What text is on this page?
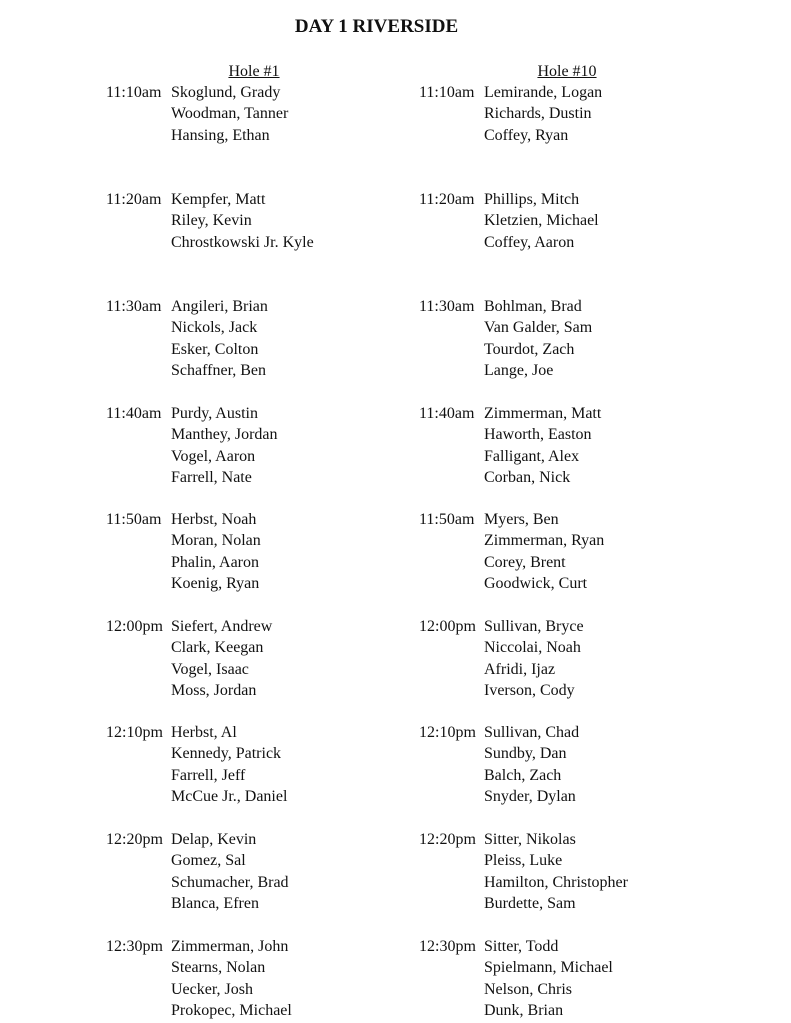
DAY 1 RIVERSIDE
Hole #1
11:10am Skoglund, Grady
Woodman, Tanner
Hansing, Ethan
11:20am Kempfer, Matt
Riley, Kevin
Chrostkowski Jr. Kyle
11:30am Angileri, Brian
Nickols, Jack
Esker, Colton
Schaffner, Ben
11:40am Purdy, Austin
Manthey, Jordan
Vogel, Aaron
Farrell, Nate
11:50am Herbst, Noah
Moran, Nolan
Phalin, Aaron
Koenig, Ryan
12:00pm Siefert, Andrew
Clark, Keegan
Vogel, Isaac
Moss, Jordan
12:10pm Herbst, Al
Kennedy, Patrick
Farrell, Jeff
McCue Jr., Daniel
12:20pm Delap, Kevin
Gomez, Sal
Schumacher, Brad
Blanca, Efren
12:30pm Zimmerman, John
Stearns, Nolan
Uecker, Josh
Prokopec, Michael
Hole #10
11:10am Lemirande, Logan
Richards, Dustin
Coffey, Ryan
11:20am Phillips, Mitch
Kletzien, Michael
Coffey, Aaron
11:30am Bohlman, Brad
Van Galder, Sam
Tourdot, Zach
Lange, Joe
11:40am Zimmerman, Matt
Haworth, Easton
Falligant, Alex
Corban, Nick
11:50am Myers, Ben
Zimmerman, Ryan
Corey, Brent
Goodwick, Curt
12:00pm Sullivan, Bryce
Niccolai, Noah
Afridi, Ijaz
Iverson, Cody
12:10pm Sullivan, Chad
Sundby, Dan
Balch, Zach
Snyder, Dylan
12:20pm Sitter, Nikolas
Pleiss, Luke
Hamilton, Christopher
Burdette, Sam
12:30pm Sitter, Todd
Spielmann, Michael
Nelson, Chris
Dunk, Brian
